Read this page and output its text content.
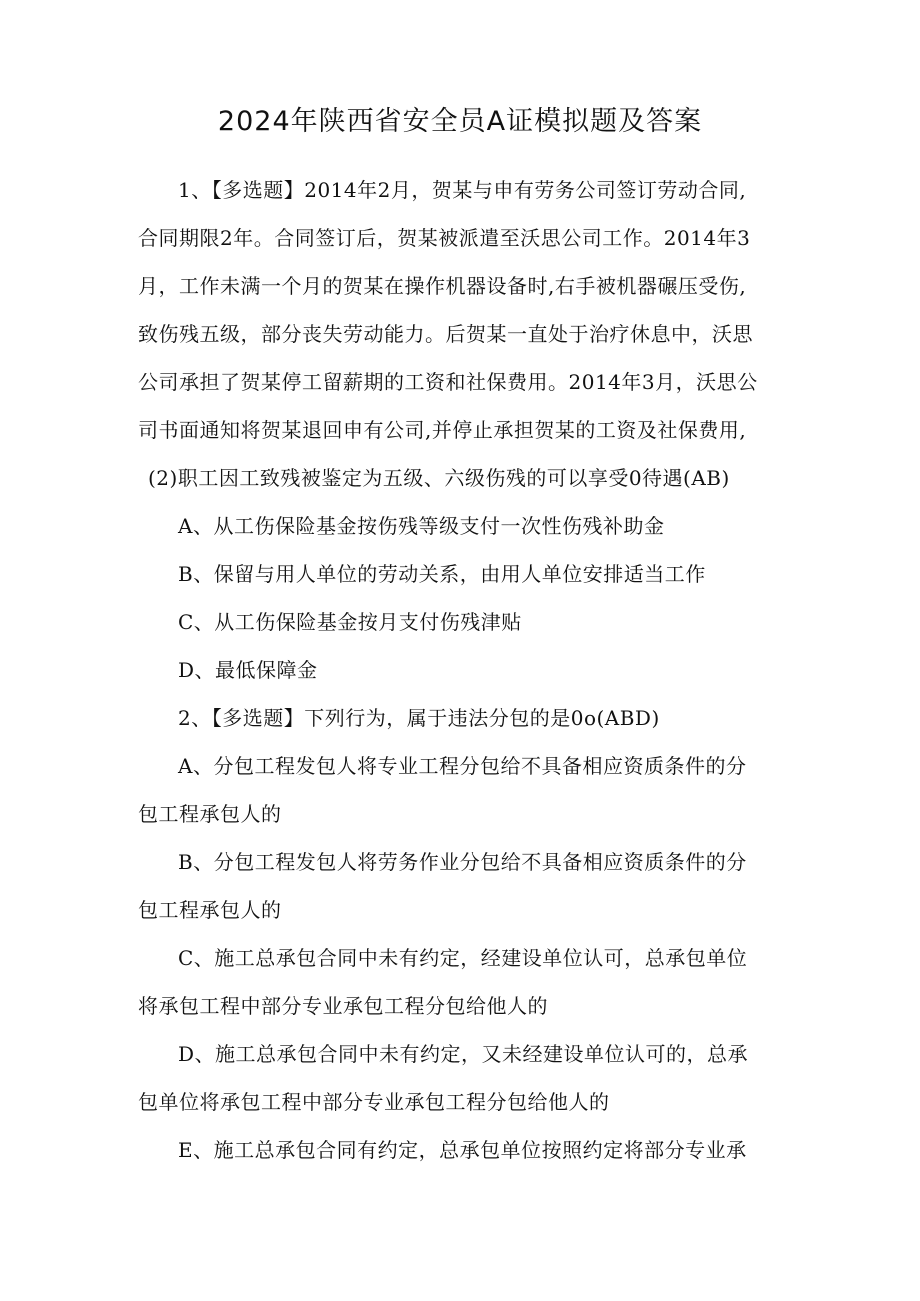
2024年陕西省安全员A证模拟题及答案

1、【多选题】2014年2月，贺某与申有劳务公司签订劳动合同,

合同期限2年。合同签订后，贺某被派遣至沃思公司工作。2014年3

月，工作未满一个月的贺某在操作机器设备时,右手被机器碾压受伤,

致伤残五级，部分丧失劳动能力。后贺某一直处于治疗休息中，沃思

公司承担了贺某停工留薪期的工资和社保费用。2014年3月，沃思公

司书面通知将贺某退回申有公司,并停止承担贺某的工资及社保费用,

(2)职工因工致残被鉴定为五级、六级伤残的可以享受0待遇(AB)

A、从工伤保险基金按伤残等级支付一次性伤残补助金

B、保留与用人单位的劳动关系，由用人单位安排适当工作

C、从工伤保险基金按月支付伤残津贴

D、最低保障金

2、【多选题】下列行为，属于违法分包的是0o(ABD)

A、分包工程发包人将专业工程分包给不具备相应资质条件的分
包工程承包人的
B、分包工程发包人将劳务作业分包给不具备相应资质条件的分
包工程承包人的
C、施工总承包合同中未有约定，经建设单位认可，总承包单位
将承包工程中部分专业承包工程分包给他人的
D、施工总承包合同中未有约定，又未经建设单位认可的，总承
包单位将承包工程中部分专业承包工程分包给他人的
E、施工总承包合同有约定，总承包单位按照约定将部分专业承
